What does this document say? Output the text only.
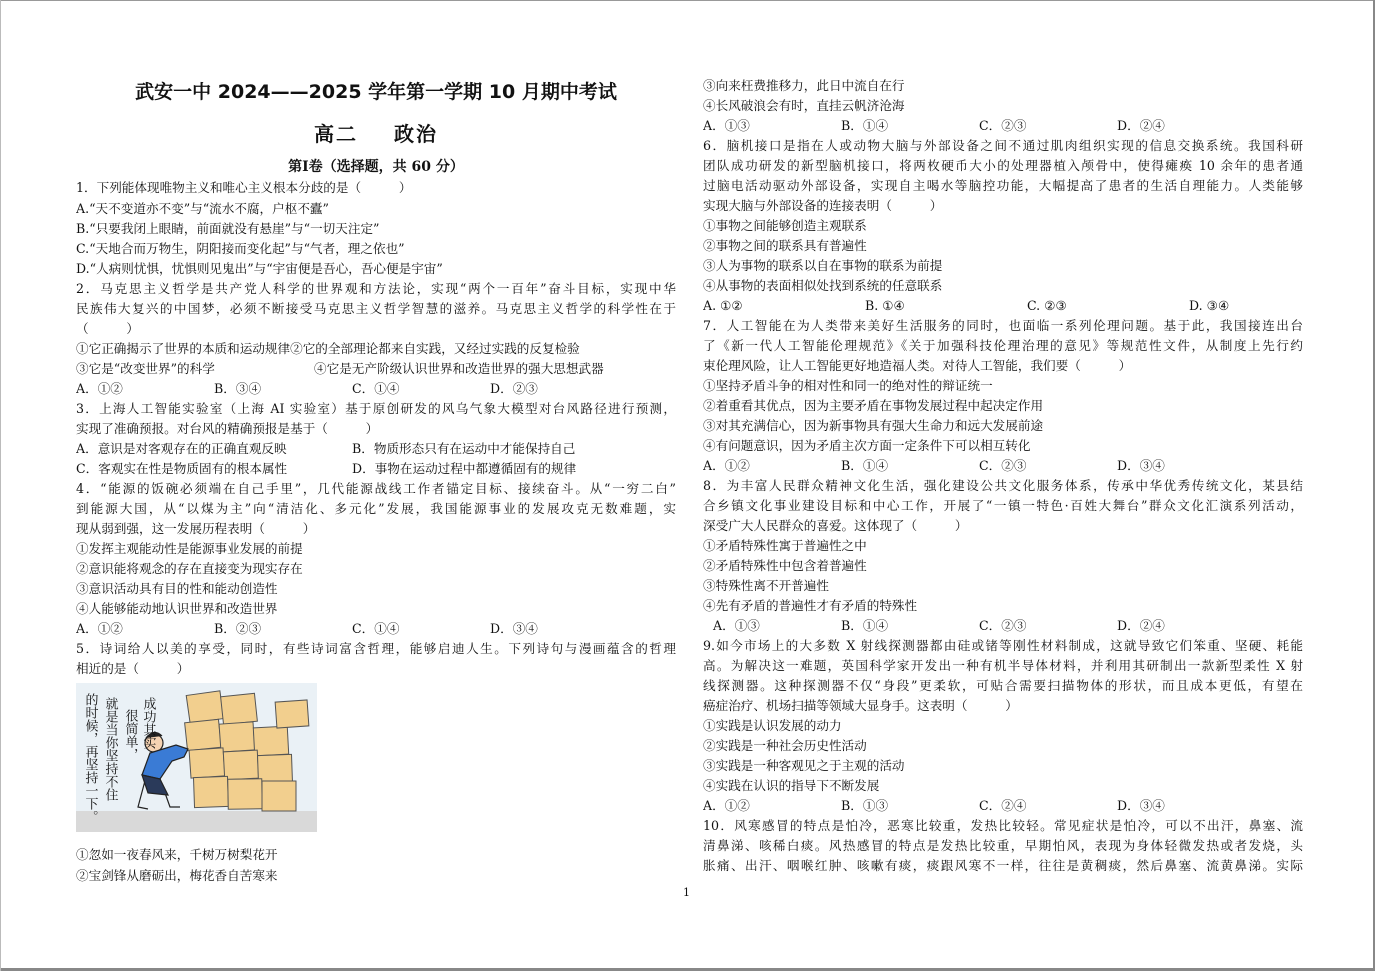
武安一中 2024——2025 学年第一学期 10 月期中考试
高二 政治
第Ⅰ卷（选择题，共 60 分）
1．下列能体现唯物主义和唯心主义根本分歧的是（　　　）
A.“天不变道亦不变”与“流水不腐，户枢不蠹”
B.“只要我闭上眼睛，前面就没有悬崖”与“一切天注定”
C.“天地合而万物生，阴阳接而变化起”与“气者，理之依也”
D.“人病则忧惧，忧惧则见鬼出”与“宇宙便是吾心，吾心便是宇宙”
2．马克思主义哲学是共产党人科学的世界观和方法论，实现“两个一百年”奋斗目标，实现中华
民族伟大复兴的中国梦，必须不断接受马克思主义哲学智慧的滋养。马克思主义哲学的科学性在于
（　　　）
①它正确揭示了世界的本质和运动规律②它的全部理论都来自实践，又经过实践的反复检验
③它是“改变世界”的科学	④它是无产阶级认识世界和改造世界的强大思想武器
A．①②	B．③④	C．①④	D．②③
3．上海人工智能实验室（上海 AI 实验室）基于原创研发的风乌气象大模型对台风路径进行预测，
实现了准确预报。对台风的精确预报是基于（　　　）
A．意识是对客观存在的正确直观反映	B．物质形态只有在运动中才能保持自己
C．客观实在性是物质固有的根本属性	D．事物在运动过程中都遵循固有的规律
4．“能源的饭碗必须端在自己手里”，几代能源战线工作者锚定目标、接续奋斗。从“一穷二白”
到能源大国，从“以煤为主”向“清洁化、多元化”发展，我国能源事业的发展攻克无数难题，实
现从弱到强，这一发展历程表明（　　　）
①发挥主观能动性是能源事业发展的前提
②意识能将观念的存在直接变为现实存在
③意识活动具有目的性和能动创造性
④人能够能动地认识世界和改造世界
A．①②	B．②③	C．①④	D．③④
5．诗词给人以美的享受，同时，有些诗词富含哲理，能够启迪人生。下列诗句与漫画蕴含的哲理
相近的是（　　　）
成功其实
很简单，
就是当你坚持不住
的时候，再坚持一下。
①忽如一夜春风来，千树万树梨花开
②宝剑锋从磨砺出，梅花香自苦寒来
③向来枉费推移力，此日中流自在行
④长风破浪会有时，直挂云帆济沧海
A．①③	B．①④	C．②③	D．②④
6．脑机接口是指在人或动物大脑与外部设备之间不通过肌肉组织实现的信息交换系统。我国科研
团队成功研发的新型脑机接口，将两枚硬币大小的处理器植入颅骨中，使得瘫痪 10 余年的患者通
过脑电活动驱动外部设备，实现自主喝水等脑控功能，大幅提高了患者的生活自理能力。人类能够
实现大脑与外部设备的连接表明（　　　）
①事物之间能够创造主观联系
②事物之间的联系具有普遍性
③人为事物的联系以自在事物的联系为前提
④从事物的表面相似处找到系统的任意联系
A. ①②	B. ①④	C. ②③	D. ③④
7．人工智能在为人类带来美好生活服务的同时，也面临一系列伦理问题。基于此，我国接连出台
了《新一代人工智能伦理规范》《关于加强科技伦理治理的意见》等规范性文件，从制度上先行约
束伦理风险，让人工智能更好地造福人类。对待人工智能，我们要（　　　）
①坚持矛盾斗争的相对性和同一的绝对性的辩证统一
②着重看其优点，因为主要矛盾在事物发展过程中起决定作用
③对其充满信心，因为新事物具有强大生命力和远大发展前途
④有问题意识，因为矛盾主次方面一定条件下可以相互转化
A．①②	B．①④	C．②③	D．③④
8．为丰富人民群众精神文化生活，强化建设公共文化服务体系，传承中华优秀传统文化，某县结
合乡镇文化事业建设目标和中心工作，开展了“一镇一特色·百姓大舞台”群众文化汇演系列活动，
深受广大人民群众的喜爱。这体现了（　　　）
①矛盾特殊性寓于普遍性之中
②矛盾特殊性中包含着普遍性
③特殊性离不开普遍性
④先有矛盾的普遍性才有矛盾的特殊性
A．①③	B．①④	C．②③	D．②④
9.如今市场上的大多数 X 射线探测器都由硅或锗等刚性材料制成，这就导致它们笨重、坚硬、耗能
高。为解决这一难题，英国科学家开发出一种有机半导体材料，并利用其研制出一款新型柔性 X 射
线探测器。这种探测器不仅“身段”更柔软，可贴合需要扫描物体的形状，而且成本更低，有望在
癌症治疗、机场扫描等领域大显身手。这表明（　　　）
①实践是认识发展的动力
②实践是一种社会历史性活动
③实践是一种客观见之于主观的活动
④实践在认识的指导下不断发展
A．①②	B．①③	C．②④	D．③④
10．风寒感冒的特点是怕冷，恶寒比较重，发热比较轻。常见症状是怕冷，可以不出汗，鼻塞、流
清鼻涕、咳稀白痰。风热感冒的特点是发热比较重，早期怕风，表现为身体轻微发热或者发烧，头
胀痛、出汗、咽喉红肿、咳嗽有痰，痰跟风寒不一样，往往是黄稠痰，然后鼻塞、流黄鼻涕。实际
1
